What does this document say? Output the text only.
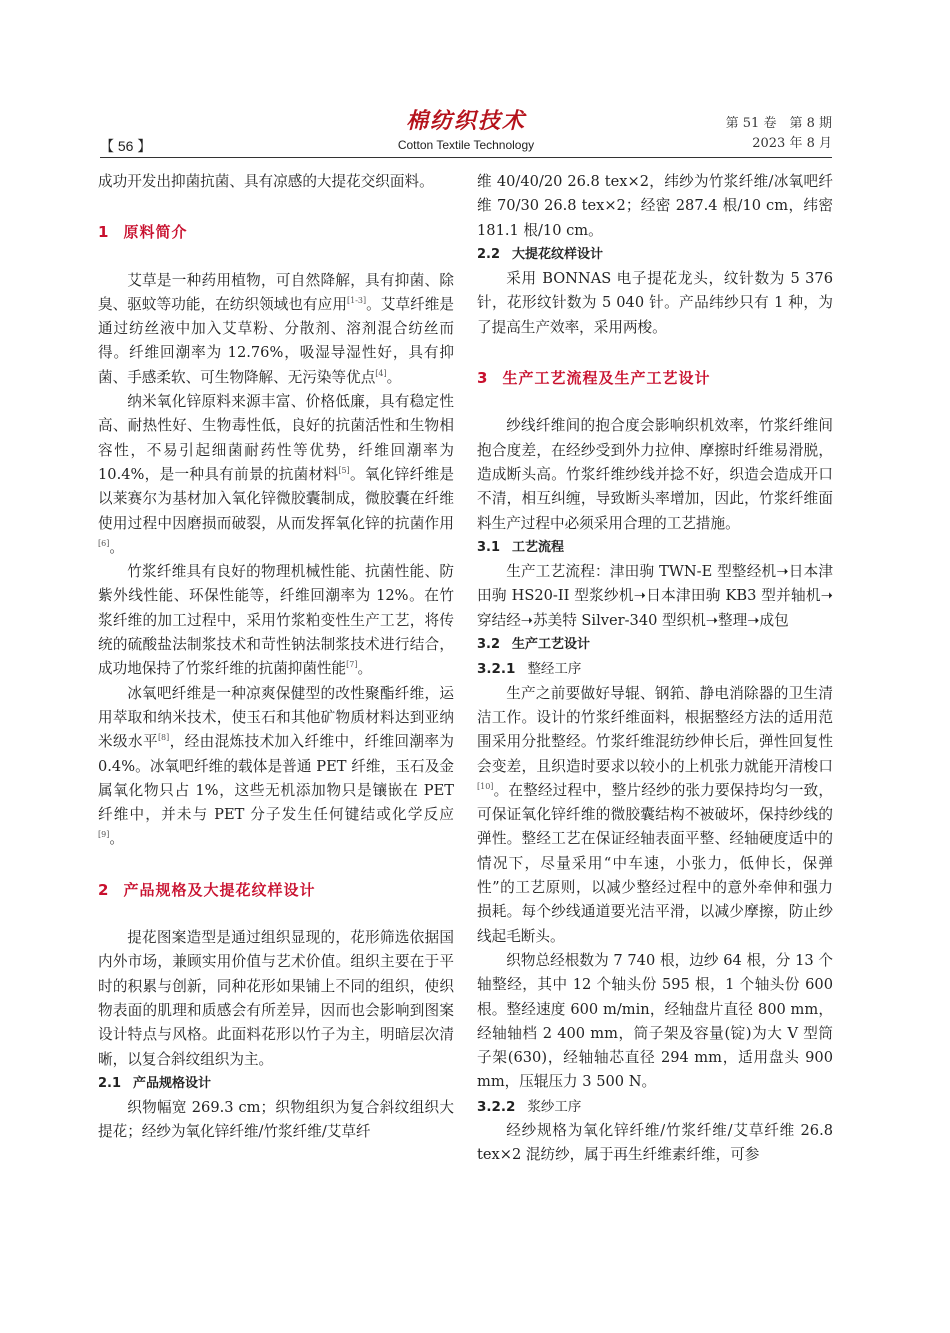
【 56 】
棉纺织技术
Cotton Textile Technology
第 51 卷　第 8 期
2023 年 8 月

成功开发出抑菌抗菌、具有凉感的大提花交织面料。

1 原料简介

艾草是一种药用植物，可自然降解，具有抑菌、除臭、驱蚊等功能，在纺织领域也有应用[1-3]。艾草纤维是通过纺丝液中加入艾草粉、分散剂、溶剂混合纺丝而得。纤维回潮率为 12.76%，吸湿导湿性好，具有抑菌、手感柔软、可生物降解、无污染等优点[4]。

纳米氧化锌原料来源丰富、价格低廉，具有稳定性高、耐热性好、生物毒性低，良好的抗菌活性和生物相容性，不易引起细菌耐药性等优势，纤维回潮率为 10.4%，是一种具有前景的抗菌材料[5]。氧化锌纤维是以莱赛尔为基材加入氧化锌微胶囊制成，微胶囊在纤维使用过程中因磨损而破裂，从而发挥氧化锌的抗菌作用[6]。

竹浆纤维具有良好的物理机械性能、抗菌性能、防紫外线性能、环保性能等，纤维回潮率为 12%。在竹浆纤维的加工过程中，采用竹浆粕变性生产工艺，将传统的硫酸盐法制浆技术和苛性钠法制浆技术进行结合，成功地保持了竹浆纤维的抗菌抑菌性能[7]。

冰氧吧纤维是一种凉爽保健型的改性聚酯纤维，运用萃取和纳米技术，使玉石和其他矿物质材料达到亚纳米级水平[8]，经由混炼技术加入纤维中，纤维回潮率为 0.4%。冰氧吧纤维的载体是普通 PET 纤维，玉石及金属氧化物只占 1%，这些无机添加物只是镶嵌在 PET 纤维中，并未与 PET 分子发生任何键结或化学反应[9]。

2 产品规格及大提花纹样设计

提花图案造型是通过组织显现的，花形筛选依据国内外市场，兼顾实用价值与艺术价值。组织主要在于平时的积累与创新，同种花形如果铺上不同的组织，使织物表面的肌理和质感会有所差异，因而也会影响到图案设计特点与风格。此面料花形以竹子为主，明暗层次清晰，以复合斜纹组织为主。

2.1 产品规格设计

织物幅宽 269.3 cm；织物组织为复合斜纹组织大提花；经纱为氧化锌纤维/竹浆纤维/艾草纤

维 40/40/20 26.8 tex×2，纬纱为竹浆纤维/冰氧吧纤维 70/30 26.8 tex×2；经密 287.4 根/10 cm，纬密 181.1 根/10 cm。

2.2 大提花纹样设计

采用 BONNAS 电子提花龙头，纹针数为 5 376 针，花形纹针数为 5 040 针。产品纬纱只有 1 种，为了提高生产效率，采用两梭。

3 生产工艺流程及生产工艺设计

纱线纤维间的抱合度会影响织机效率，竹浆纤维间抱合度差，在经纱受到外力拉伸、摩擦时纤维易滑脱，造成断头高。竹浆纤维纱线并捻不好，织造会造成开口不清，相互纠缠，导致断头率增加，因此，竹浆纤维面料生产过程中必须采用合理的工艺措施。

3.1 工艺流程

生产工艺流程：津田驹 TWN-E 型整经机➝日本津田驹 HS20-II 型浆纱机➝日本津田驹 KB3 型并轴机➝穿结经➝苏美特 Silver-340 型织机➝整理➝成包

3.2 生产工艺设计
3.2.1 整经工序

生产之前要做好导辊、钢筘、静电消除器的卫生清洁工作。设计的竹浆纤维面料，根据整经方法的适用范围采用分批整经。竹浆纤维混纺纱伸长后，弹性回复性会变差，且织造时要求以较小的上机张力就能开清梭口[10]。在整经过程中，整片经纱的张力要保持均匀一致，可保证氧化锌纤维的微胶囊结构不被破坏，保持纱线的弹性。整经工艺在保证经轴表面平整、经轴硬度适中的情况下，尽量采用“中车速，小张力，低伸长，保弹性”的工艺原则，以减少整经过程中的意外牵伸和强力损耗。每个纱线通道要光洁平滑，以减少摩擦，防止纱线起毛断头。

织物总经根数为 7 740 根，边纱 64 根，分 13 个轴整经，其中 12 个轴头份 595 根，1 个轴头份 600 根。整经速度 600 m/min，经轴盘片直径 800 mm，经轴轴档 2 400 mm，筒子架及容量(锭)为大 V 型筒子架(630)，经轴轴芯直径 294 mm，适用盘头 900 mm，压辊压力 3 500 N。

3.2.2 浆纱工序

经纱规格为氧化锌纤维/竹浆纤维/艾草纤维 26.8 tex×2 混纺纱，属于再生纤维素纤维，可参
